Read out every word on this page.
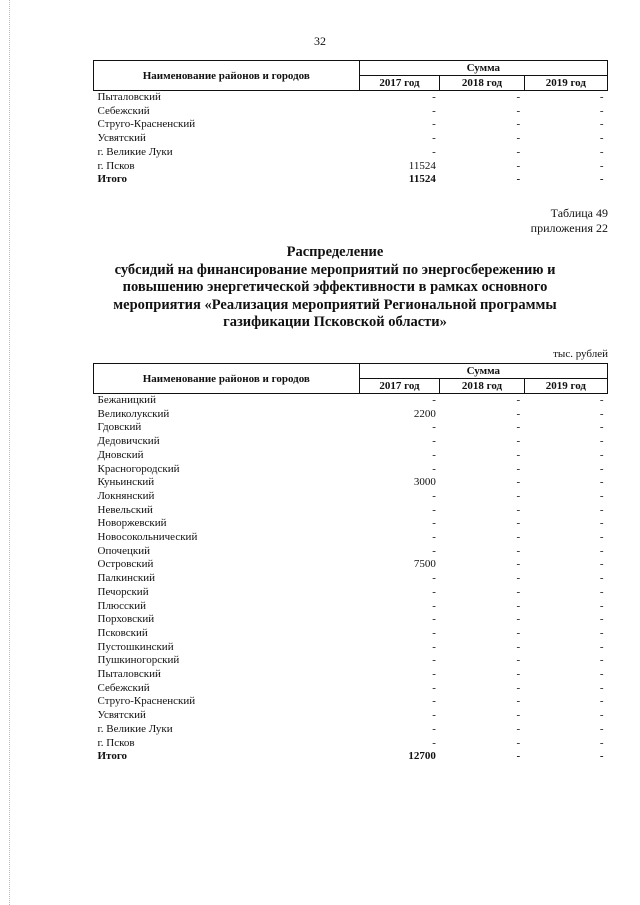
32
Наименование районов и городов	Сумма		
	2017 год	2018 год	2019 год
Пыталовский	-	-	-
Себежский	-	-	-
Струго-Красненский	-	-	-
Усвятский	-	-	-
г. Великие Луки	-	-	-
г. Псков	11524	-	-
Итого	11524	-	-
Таблица 49
приложения 22
Распределение
субсидий на финансирование мероприятий по энергосбережению и
повышению энергетической эффективности в рамках основного
мероприятия «Реализация мероприятий Региональной программы
газификации Псковской области»
тыс. рублей
Наименование районов и городов	Сумма		
	2017 год	2018 год	2019 год
Бежаницкий	-	-	-
Великолукский	2200	-	-
Гдовский	-	-	-
Дедовичский	-	-	-
Дновский	-	-	-
Красногородский	-	-	-
Куньинский	3000	-	-
Локнянский	-	-	-
Невельский	-	-	-
Новоржевский	-	-	-
Новосокольнический	-	-	-
Опочецкий	-	-	-
Островский	7500	-	-
Палкинский	-	-	-
Печорский	-	-	-
Плюсский	-	-	-
Порховский	-	-	-
Псковский	-	-	-
Пустошкинский	-	-	-
Пушкиногорский	-	-	-
Пыталовский	-	-	-
Себежский	-	-	-
Струго-Красненский	-	-	-
Усвятский	-	-	-
г. Великие Луки	-	-	-
г. Псков	-	-	-
Итого	12700	-	-
